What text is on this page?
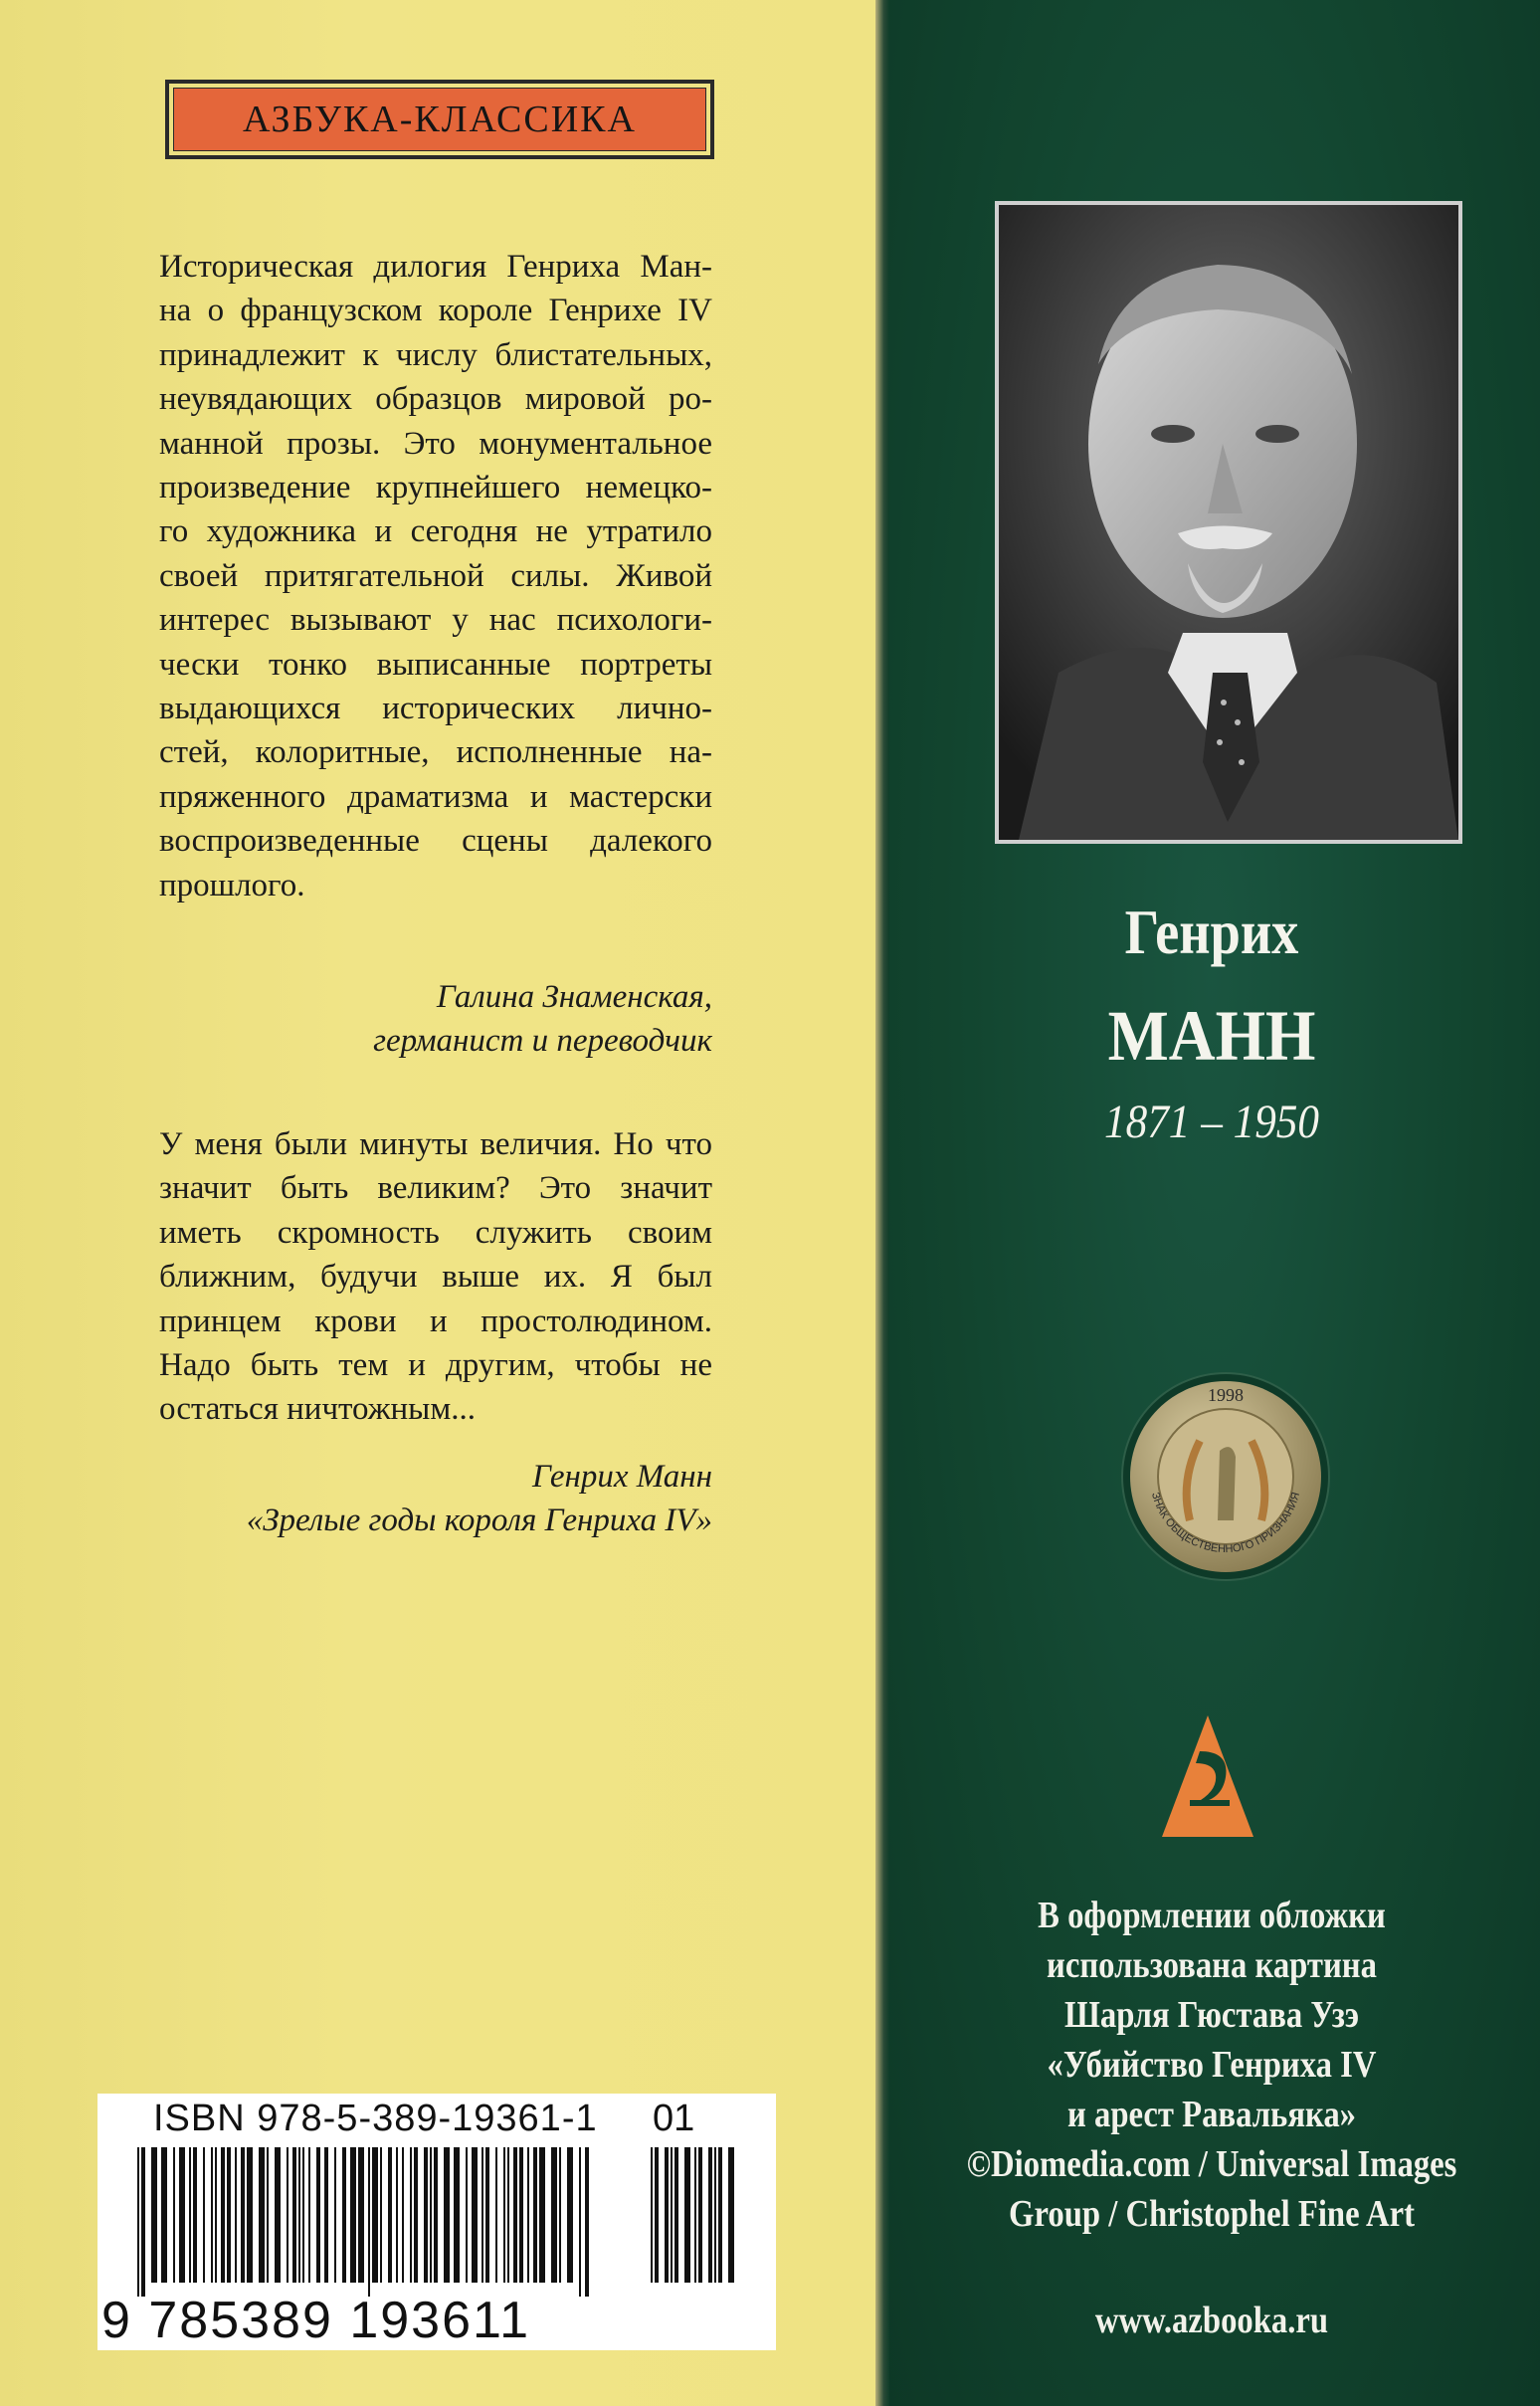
АЗБУКА-КЛАССИКА
Историческая дилогия Генриха Ман-
на о французском короле Генрихе IV
принадлежит к числу блистательных,
неувядающих образцов мировой ро-
манной прозы. Это монументальное
произведение крупнейшего немецко-
го художника и сегодня не утратило
своей притягательной силы. Живой
интерес вызывают у нас психологи-
чески тонко выписанные портреты
выдающихся исторических лично-
стей, колоритные, исполненные на-
пряженного драматизма и мастерски
воспроизведенные сцены далекого
прошлого.
Галина Знаменская,
германист и переводчик
У меня были минуты величия. Но что
значит быть великим? Это значит
иметь скромность служить своим
ближним, будучи выше их. Я был
принцем крови и простолюдином.
Надо быть тем и другим, чтобы не
остаться ничтожным...
Генрих Манн
«Зрелые годы короля Генриха IV»
ISBN 978-5-389-19361-1 01
9 785389 193611
Генрих
МАНН
1871 – 1950
1998
ЗНАК ОБЩЕСТВЕННОГО ПРИЗНАНИЯ
В оформлении обложки
использована картина
Шарля Гюстава Узэ
«Убийство Генриха IV
и арест Равальяка»
©Diomedia.com / Universal Images
Group / Christophel Fine Art
www.azbooka.ru
